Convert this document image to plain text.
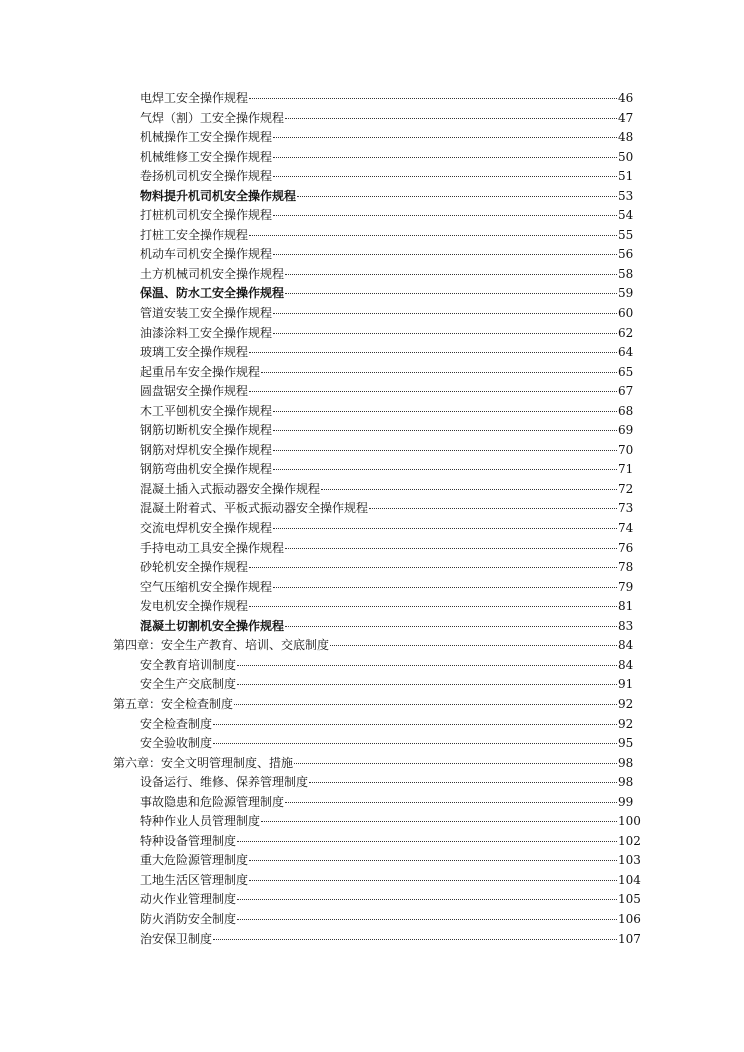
电焊工安全操作规程	46
气焊（割）工安全操作规程	47
机械操作工安全操作规程	48
机械维修工安全操作规程	50
卷扬机司机安全操作规程	51
物料提升机司机安全操作规程	53
打桩机司机安全操作规程	54
打桩工安全操作规程	55
机动车司机安全操作规程	56
土方机械司机安全操作规程	58
保温、防水工安全操作规程	59
管道安装工安全操作规程	60
油漆涂料工安全操作规程	62
玻璃工安全操作规程	64
起重吊车安全操作规程	65
圆盘锯安全操作规程	67
木工平刨机安全操作规程	68
钢筋切断机安全操作规程	69
钢筋对焊机安全操作规程	70
钢筋弯曲机安全操作规程	71
混凝土插入式振动器安全操作规程	72
混凝土附着式、平板式振动器安全操作规程	73
交流电焊机安全操作规程	74
手持电动工具安全操作规程	76
砂轮机安全操作规程	78
空气压缩机安全操作规程	79
发电机安全操作规程	81
混凝土切割机安全操作规程	83
第四章：安全生产教育、培训、交底制度	84
安全教育培训制度	84
安全生产交底制度	91
第五章：安全检查制度	92
安全检查制度	92
安全验收制度	95
第六章：安全文明管理制度、措施	98
设备运行、维修、保养管理制度	98
事故隐患和危险源管理制度	99
特种作业人员管理制度	100
特种设备管理制度	102
重大危险源管理制度	103
工地生活区管理制度	104
动火作业管理制度	105
防火消防安全制度	106
治安保卫制度	107
